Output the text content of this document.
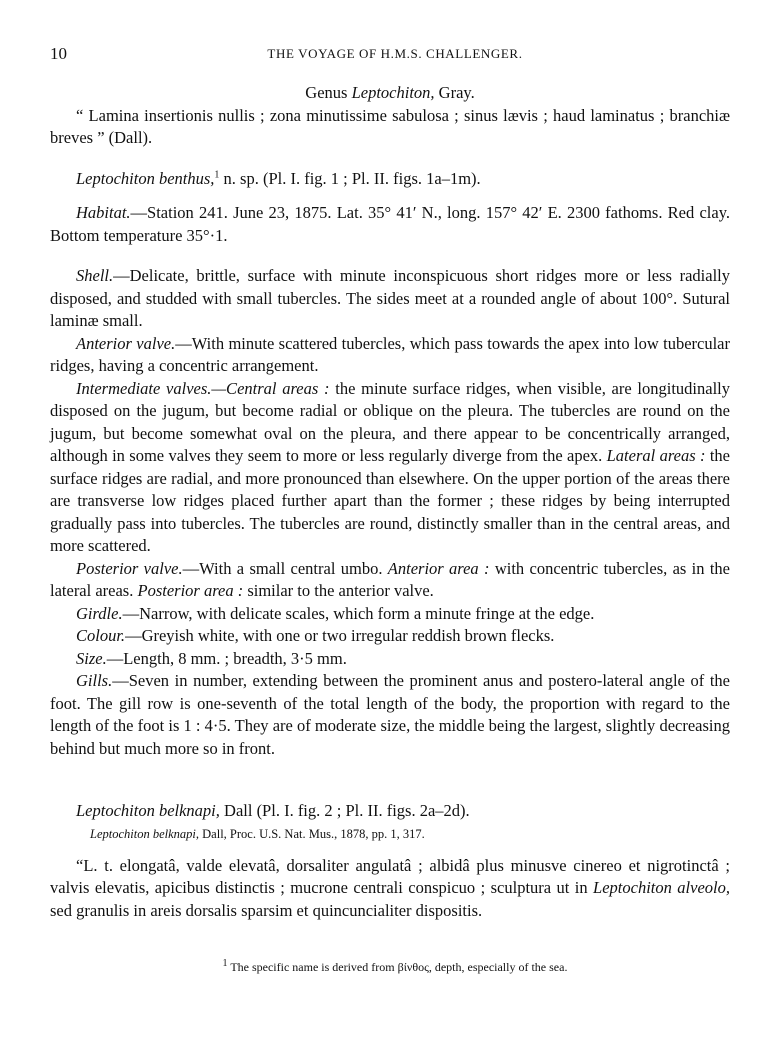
10	THE VOYAGE OF H.M.S. CHALLENGER.

Genus Leptochiton, Gray.

“ Lamina insertionis nullis ; zona minutissime sabulosa ; sinus lævis ; haud laminatus ; branchiæ breves ” (Dall).

Leptochiton benthus,$^1$ n. sp. (Pl. I. fig. 1 ; Pl. II. figs. 1a–1m).

Habitat.—Station 241. June 23, 1875. Lat. 35° 41′ N., long. 157° 42′ E. 2300 fathoms. Red clay. Bottom temperature 35°·1.

Shell.—Delicate, brittle, surface with minute inconspicuous short ridges more or less radially disposed, and studded with small tubercles. The sides meet at a rounded angle of about 100°. Sutural laminæ small.

Anterior valve.—With minute scattered tubercles, which pass towards the apex into low tubercular ridges, having a concentric arrangement.

Intermediate valves.—Central areas : the minute surface ridges, when visible, are longitudinally disposed on the jugum, but become radial or oblique on the pleura. The tubercles are round on the jugum, but become somewhat oval on the pleura, and there appear to be concentrically arranged, although in some valves they seem to more or less regularly diverge from the apex. Lateral areas : the surface ridges are radial, and more pronounced than elsewhere. On the upper portion of the areas there are transverse low ridges placed further apart than the former ; these ridges by being interrupted gradually pass into tubercles. The tubercles are round, distinctly smaller than in the central areas, and more scattered.

Posterior valve.—With a small central umbo. Anterior area : with concentric tubercles, as in the lateral areas. Posterior area : similar to the anterior valve.

Girdle.—Narrow, with delicate scales, which form a minute fringe at the edge.

Colour.—Greyish white, with one or two irregular reddish brown flecks.

Size.—Length, 8 mm. ; breadth, 3·5 mm.

Gills.—Seven in number, extending between the prominent anus and postero-lateral angle of the foot. The gill row is one-seventh of the total length of the body, the proportion with regard to the length of the foot is 1 : 4·5. They are of moderate size, the middle being the largest, slightly decreasing behind but much more so in front.

Leptochiton belknapi, Dall (Pl. I. fig. 2 ; Pl. II. figs. 2a–2d).

Leptochiton belknapi, Dall, Proc. U.S. Nat. Mus., 1878, pp. 1, 317.

“L. t. elongatâ, valde elevatâ, dorsaliter angulatâ ; albidâ plus minusve cinereo et nigrotinctâ ; valvis elevatis, apicibus distinctis ; mucrone centrali conspicuo ; sculptura ut in Leptochiton alveolo, sed granulis in areis dorsalis sparsim et quincuncialiter dispositis.

$^1$ The specific name is derived from βίνθος, depth, especially of the sea.
